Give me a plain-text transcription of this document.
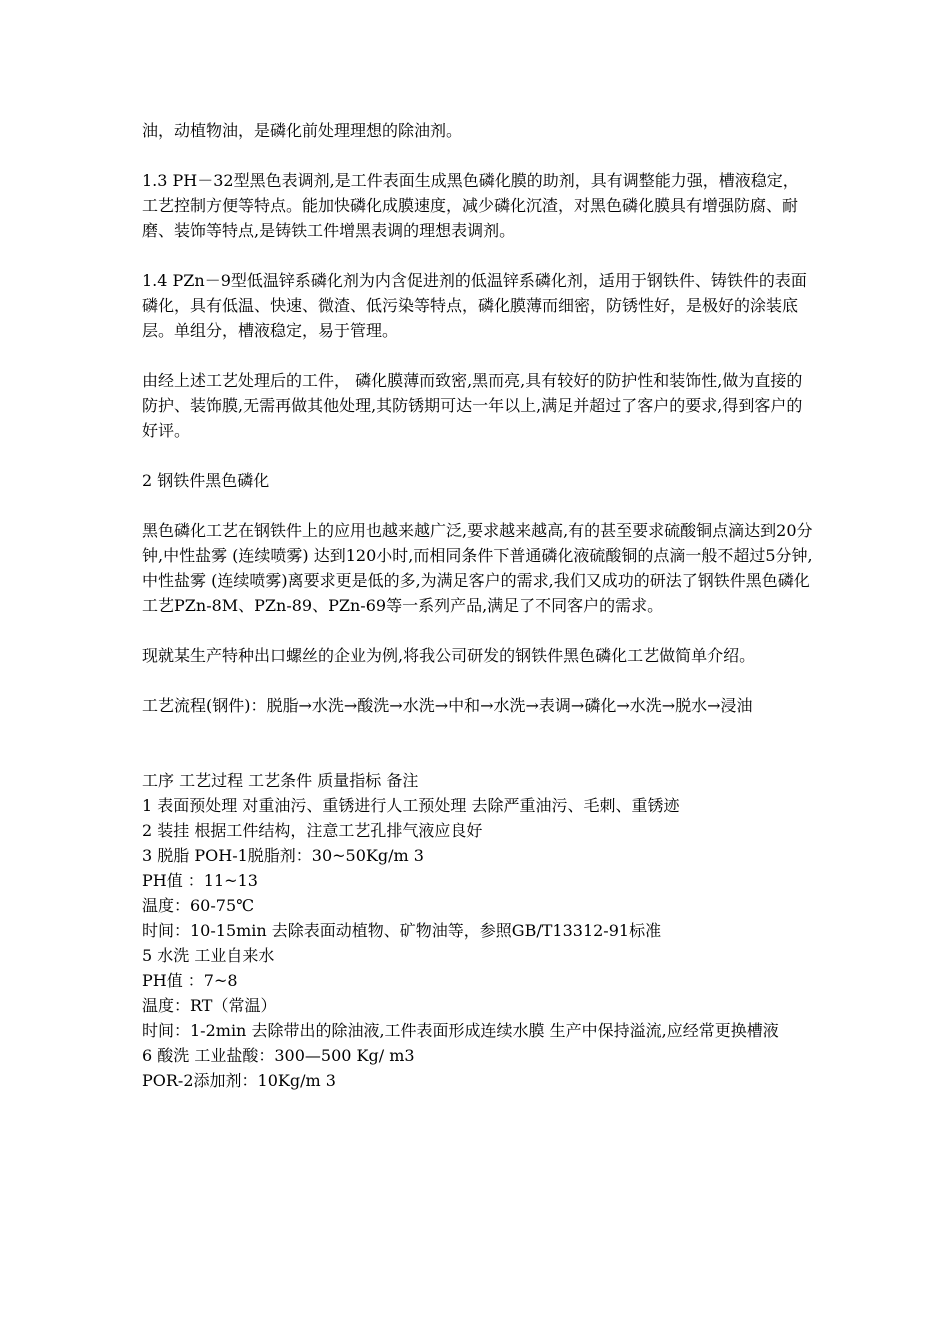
油，动植物油，是磷化前处理理想的除油剂。

1.3 PH－32型黑色表调剂,是工件表面生成黑色磷化膜的助剂，具有调整能力强，槽液稳定，工艺控制方便等特点。能加快磷化成膜速度，减少磷化沉渣，对黑色磷化膜具有增强防腐、耐磨、装饰等特点,是铸铁工件增黑表调的理想表调剂。

1.4 PZn－9型低温锌系磷化剂为内含促进剂的低温锌系磷化剂，适用于钢铁件、铸铁件的表面磷化，具有低温、快速、微渣、低污染等特点，磷化膜薄而细密，防锈性好，是极好的涂装底层。单组分，槽液稳定，易于管理。

由经上述工艺处理后的工件， 磷化膜薄而致密,黑而亮,具有较好的防护性和装饰性,做为直接的防护、装饰膜,无需再做其他处理,其防锈期可达一年以上,满足并超过了客户的要求,得到客户的好评。

2 钢铁件黑色磷化

黑色磷化工艺在钢铁件上的应用也越来越广泛,要求越来越高,有的甚至要求硫酸铜点滴达到20分钟,中性盐雾 (连续喷雾) 达到120小时,而相同条件下普通磷化液硫酸铜的点滴一般不超过5分钟, 中性盐雾 (连续喷雾)离要求更是低的多,为满足客户的需求,我们又成功的研法了钢铁件黑色磷化工艺PZn-8M、PZn-89、PZn-69等一系列产品,满足了不同客户的需求。

现就某生产特种出口螺丝的企业为例,将我公司研发的钢铁件黑色磷化工艺做简单介绍。

工艺流程(钢件)：脱脂→水洗→酸洗→水洗→中和→水洗→表调→磷化→水洗→脱水→浸油

工序 工艺过程 工艺条件 质量指标 备注

1 表面预处理 对重油污、重锈进行人工预处理 去除严重油污、毛刺、重锈迹

2 装挂 根据工件结构，注意工艺孔排气液应良好

3 脱脂 POH-1脱脂剂：30~50Kg/m 3

PH值 ：11~13

温度：60-75℃

时间：10-15min 去除表面动植物、矿物油等，参照GB/T13312-91标准

5 水洗 工业自来水

PH值 ：7~8

温度：RT（常温）

时间：1-2min 去除带出的除油液,工件表面形成连续水膜 生产中保持溢流,应经常更换槽液

6 酸洗 工业盐酸：300—500 Kg/ m3

POR-2添加剂：10Kg/m 3
